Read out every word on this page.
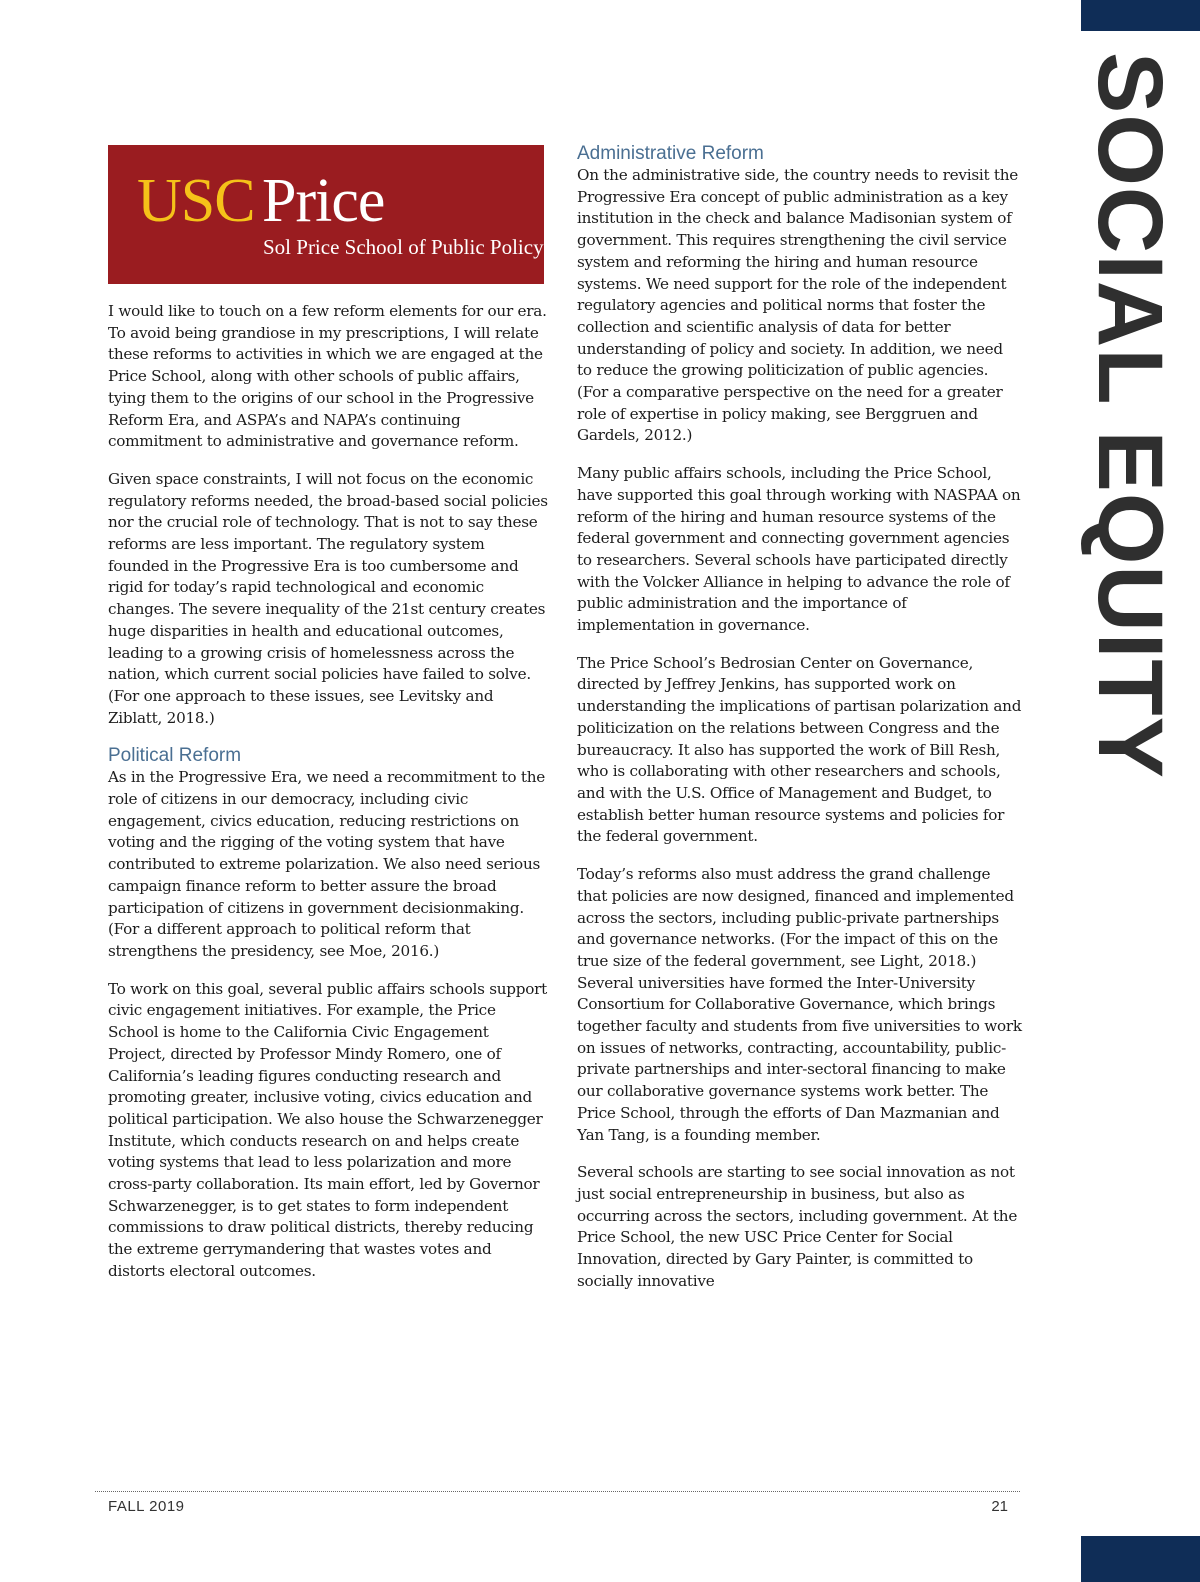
SOCIAL EQUITY
USC Price
Sol Price School of Public Policy

I would like to touch on a few reform elements for our era. To avoid being grandiose in my prescriptions, I will relate these reforms to activities in which we are engaged at the Price School, along with other schools of public affairs, tying them to the origins of our school in the Progressive Reform Era, and ASPA’s and NAPA’s continuing commitment to administrative and governance reform.

Given space constraints, I will not focus on the economic regulatory reforms needed, the broad-based social policies nor the crucial role of technology. That is not to say these reforms are less important. The regulatory system founded in the Progressive Era is too cumbersome and rigid for today’s rapid technological and economic changes. The severe inequality of the 21st century creates huge disparities in health and educational outcomes, leading to a growing crisis of homelessness across the nation, which current social policies have failed to solve. (For one approach to these issues, see Levitsky and Ziblatt, 2018.)

Political Reform

As in the Progressive Era, we need a recommitment to the role of citizens in our democracy, including civic engagement, civics education, reducing restrictions on voting and the rigging of the voting system that have contributed to extreme polarization. We also need serious campaign finance reform to better assure the broad participation of citizens in government decisionmaking. (For a different approach to political reform that strengthens the presidency, see Moe, 2016.)

To work on this goal, several public affairs schools support civic engagement initiatives. For example, the Price School is home to the California Civic Engagement Project, directed by Professor Mindy Romero, one of California’s leading figures conducting research and promoting greater, inclusive voting, civics education and political participation. We also house the Schwarzenegger Institute, which conducts research on and helps create voting systems that lead to less polarization and more cross-party collaboration. Its main effort, led by Governor Schwarzenegger, is to get states to form independent commissions to draw political districts, thereby reducing the extreme gerrymandering that wastes votes and distorts electoral outcomes.

Administrative Reform

On the administrative side, the country needs to revisit the Progressive Era concept of public administration as a key institution in the check and balance Madisonian system of government. This requires strengthening the civil service system and reforming the hiring and human resource systems. We need support for the role of the independent regulatory agencies and political norms that foster the collection and scientific analysis of data for better understanding of policy and society. In addition, we need to reduce the growing politicization of public agencies. (For a comparative perspective on the need for a greater role of expertise in policy making, see Berggruen and Gardels, 2012.)

Many public affairs schools, including the Price School, have supported this goal through working with NASPAA on reform of the hiring and human resource systems of the federal government and connecting government agencies to researchers. Several schools have participated directly with the Volcker Alliance in helping to advance the role of public administration and the importance of implementation in governance.

The Price School’s Bedrosian Center on Governance, directed by Jeffrey Jenkins, has supported work on understanding the implications of partisan polarization and politicization on the relations between Congress and the bureaucracy. It also has supported the work of Bill Resh, who is collaborating with other researchers and schools, and with the U.S. Office of Management and Budget, to establish better human resource systems and policies for the federal government.

Today’s reforms also must address the grand challenge that policies are now designed, financed and implemented across the sectors, including public-private partnerships and governance networks. (For the impact of this on the true size of the federal government, see Light, 2018.) Several universities have formed the Inter-University Consortium for Collaborative Governance, which brings together faculty and students from five universities to work on issues of networks, contracting, accountability, public-private partnerships and inter-sectoral financing to make our collaborative governance systems work better. The Price School, through the efforts of Dan Mazmanian and Yan Tang, is a founding member.

Several schools are starting to see social innovation as not just social entrepreneurship in business, but also as occurring across the sectors, including government. At the Price School, the new USC Price Center for Social Innovation, directed by Gary Painter, is committed to socially innovative

FALL 2019	21
